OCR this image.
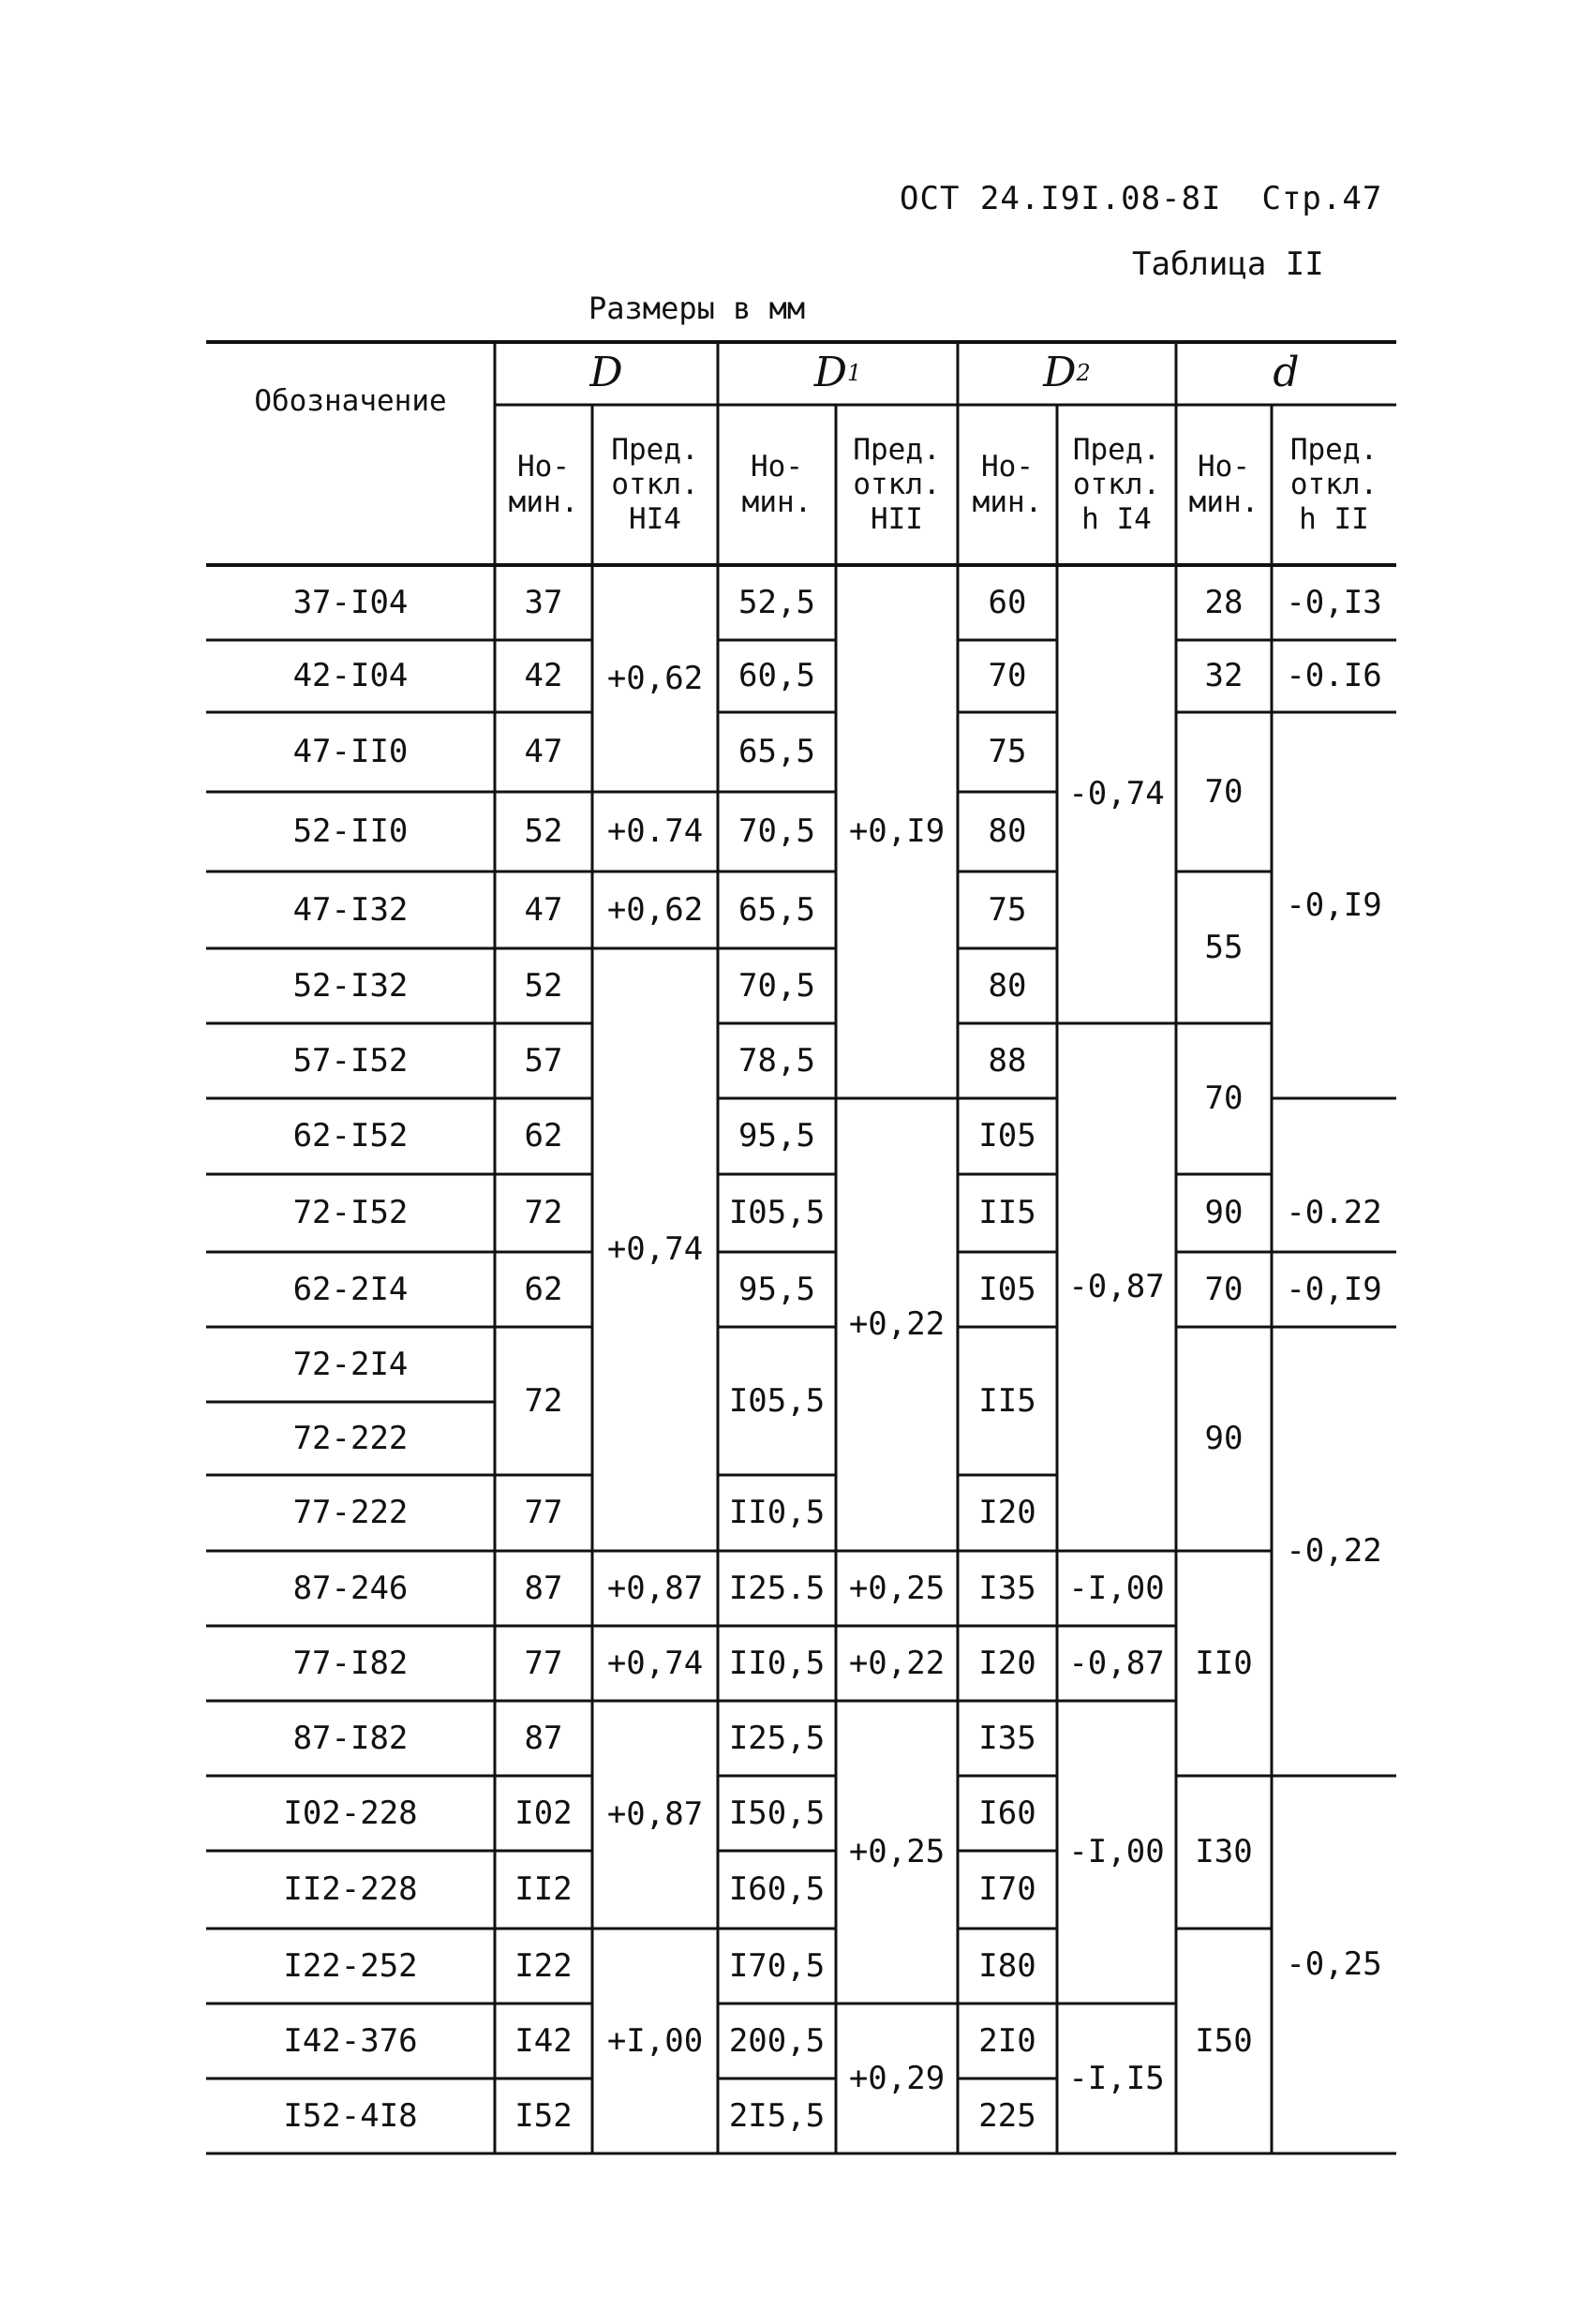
ОСТ 24.I9I.08-8I Стр.47
Таблица II
Размеры в мм
Обозначение
D
Но-
мин.
Пред.
откл.
HI4
D 1
Но-
мин.
Пред.
откл.
HII
D 2
Но-
мин.
Пред.
откл.
h I4
d
Но-
мин.
Пред.
откл.
h II
37-I04
42-I04
47-II0
52-II0
47-I32
52-I32
57-I52
62-I52
72-I52
62-2I4
72-2I4
72-222
77-222
87-246
77-I82
87-I82
I02-228
II2-228
I22-252
I42-376
I52-4I8
37
42
47
52
47
52
57
62
72
62
72
77
87
77
87
I02
II2
I22
I42
I52
+0,62
+0.74
+0,62
+0,74
+0,87
+0,74
+0,87
+I,00
52,5
60,5
65,5
70,5
65,5
70,5
78,5
95,5
I05,5
95,5
I05,5
II0,5
I25.5
II0,5
I25,5
I50,5
I60,5
I70,5
200,5
2I5,5
+0,I9
+0,22
+0,25
+0,22
+0,25
+0,29
60
70
75
80
75
80
88
I05
II5
I05
II5
I20
I35
I20
I35
I60
I70
I80
2I0
225
-0,74
-0,87
-I,00
-0,87
-I,00
-I,I5
28
32
70
55
70
90
70
90
II0
I30
I50
-0,I3
-0.I6
-0,I9
-0.22
-0,I9
-0,22
-0,25
